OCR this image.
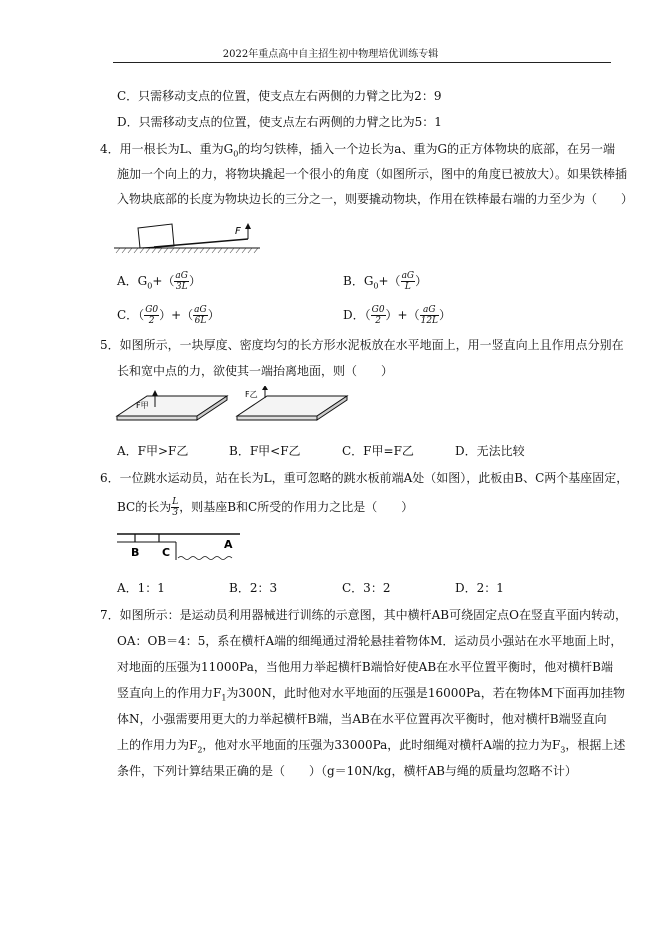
2022年重点高中自主招生初中物理培优训练专辑
C．只需移动支点的位置，使支点左右两侧的力臂之比为2：9
D．只需移动支点的位置，使支点左右两侧的力臂之比为5：1
4．用一根长为L、重为$G_0$的均匀铁棒，插入一个边长为a、重为G的正方体物块的底部，在另一端
施加一个向上的力，将物块撬起一个很小的角度（如图所示，图中的角度已被放大）。如果铁棒插
入物块底部的长度为物块边长的三分之一，则要撬动物块，作用在铁棒最右端的力至少为（　　）
F
A．$G_0+( \frac{aG}{3L}$ ）	B．$G_0+( \frac{aG}{L}$ ）
C．（ $\frac{G0}{2}$ ）+（ $\frac{aG}{6L}$ ）	D．（ $\frac{G0}{2}$ ）+（ $\frac{aG}{12L}$ ）
5．如图所示，一块厚度、密度均匀的长方形水泥板放在水平地面上，用一竖直向上且作用点分别在
长和宽中点的力，欲使其一端抬离地面，则（　　）
F甲
F乙
A．F甲>F乙	B．F甲<F乙	C．F甲=F乙	D．无法比较
6．一位跳水运动员，站在长为L，重可忽略的跳水板前端A处（如图），此板由B、C两个基座固定，
BC的长为 $\frac{L}{3}$ ，则基座B和C所受的作用力之比是（　　）
B C
A
A．1：1	B．2：3	C．3：2	D．2：1
7．如图所示：是运动员利用器械进行训练的示意图，其中横杆AB可绕固定点O在竖直平面内转动，
OA：OB＝4：5，系在横杆A端的细绳通过滑轮悬挂着物体M．运动员小强站在水平地面上时，
对地面的压强为11000Pa，当他用力举起横杆B端恰好使AB在水平位置平衡时，他对横杆B端
竖直向上的作用力$F_1$为300N，此时他对水平地面的压强是16000Pa，若在物体M下面再加挂物
体N，小强需要用更大的力举起横杆B端，当AB在水平位置再次平衡时，他对横杆B端竖直向
上的作用力为$F_2$，他对水平地面的压强为33000Pa，此时细绳对横杆A端的拉力为$F_3$，根据上述
条件，下列计算结果正确的是（　　）（g＝10N/kg，横杆AB与绳的质量均忽略不计）
